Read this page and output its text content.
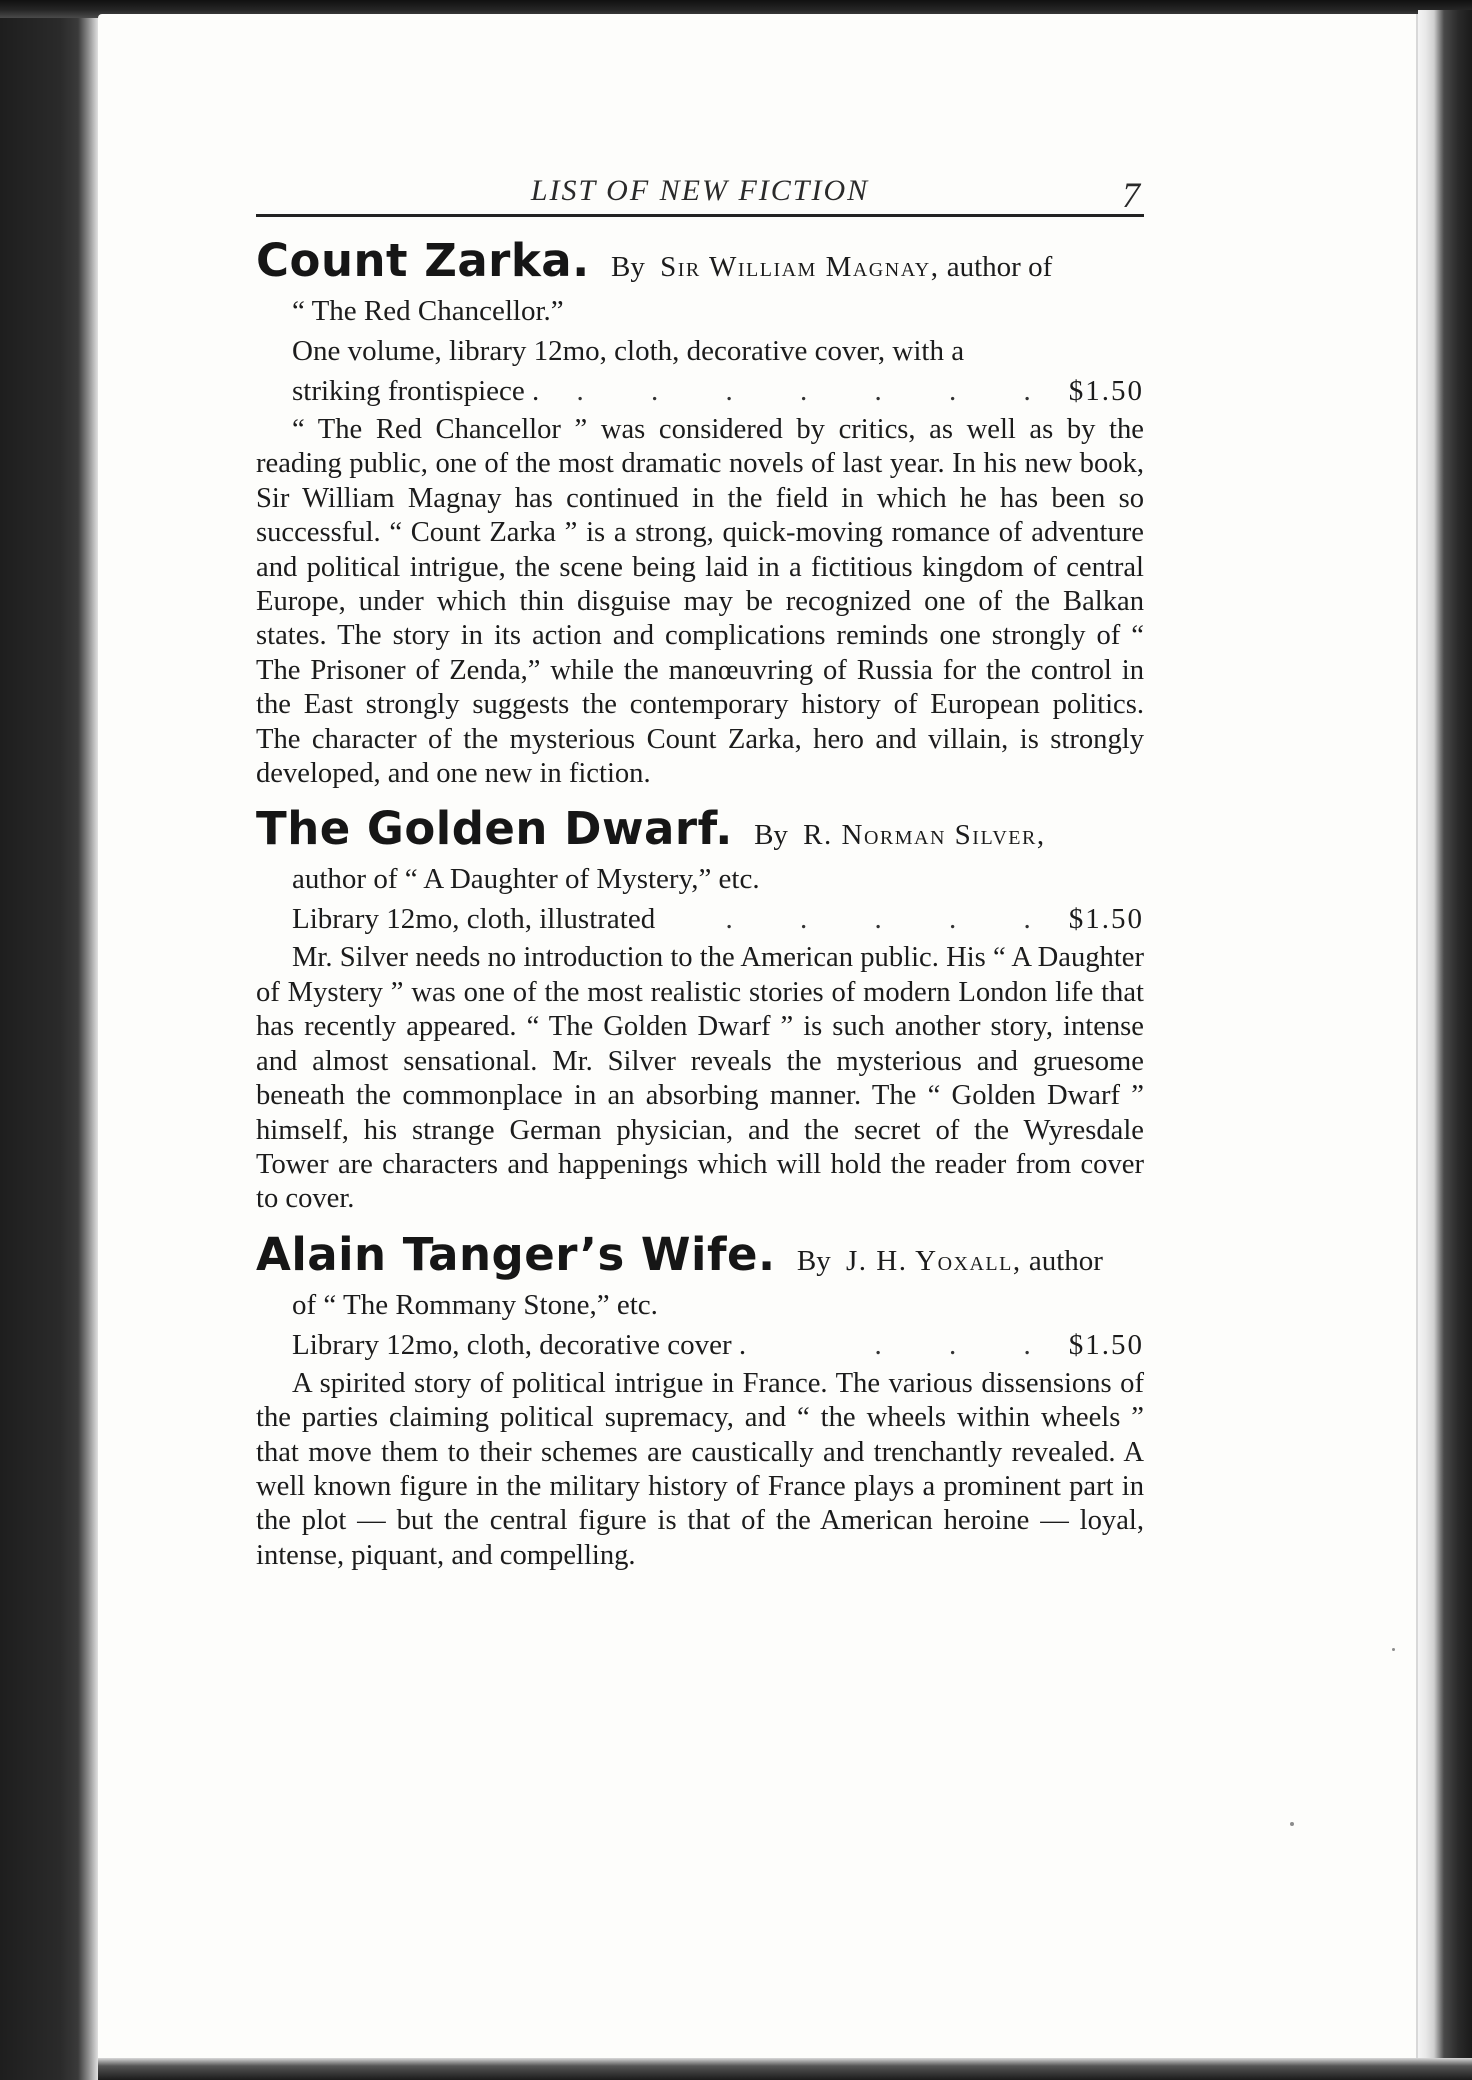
LIST OF NEW FICTION	7
Count Zarka. By Sir William Magnay, author of
“ The Red Chancellor.”
One volume, library 12mo, cloth, decorative cover, with a
striking frontispiece .	. . . . . . . $1.50

“ The Red Chancellor ” was considered by critics, as well as by the reading public, one of the most dramatic novels of last year. In his new book, Sir William Magnay has continued in the field in which he has been so successful. “ Count Zarka ” is a strong, quick-moving romance of adventure and political intrigue, the scene being laid in a fictitious kingdom of central Europe, under which thin disguise may be recognized one of the Balkan states. The story in its action and complications reminds one strongly of “ The Prisoner of Zenda,” while the manœuvring of Russia for the control in the East strongly suggests the contemporary history of European politics. The character of the mysterious Count Zarka, hero and villain, is strongly developed, and one new in fiction.

The Golden Dwarf. By R. Norman Silver,
author of “ A Daughter of Mystery,” etc.
Library 12mo, cloth, illustrated	. . . . . $1.50

Mr. Silver needs no introduction to the American public. His “ A Daughter of Mystery ” was one of the most realistic stories of modern London life that has recently appeared. “ The Golden Dwarf ” is such another story, intense and almost sensational. Mr. Silver reveals the mysterious and gruesome beneath the commonplace in an absorbing manner. The “ Golden Dwarf ” himself, his strange German physician, and the secret of the Wyresdale Tower are characters and happenings which will hold the reader from cover to cover.

Alain Tanger’s Wife. By J. H. Yoxall, author
of “ The Rommany Stone,” etc.
Library 12mo, cloth, decorative cover .	. . . $1.50

A spirited story of political intrigue in France. The various dissensions of the parties claiming political supremacy, and “ the wheels within wheels ” that move them to their schemes are caustically and trenchantly revealed. A well known figure in the military history of France plays a prominent part in the plot — but the central figure is that of the American heroine — loyal, intense, piquant, and compelling.
